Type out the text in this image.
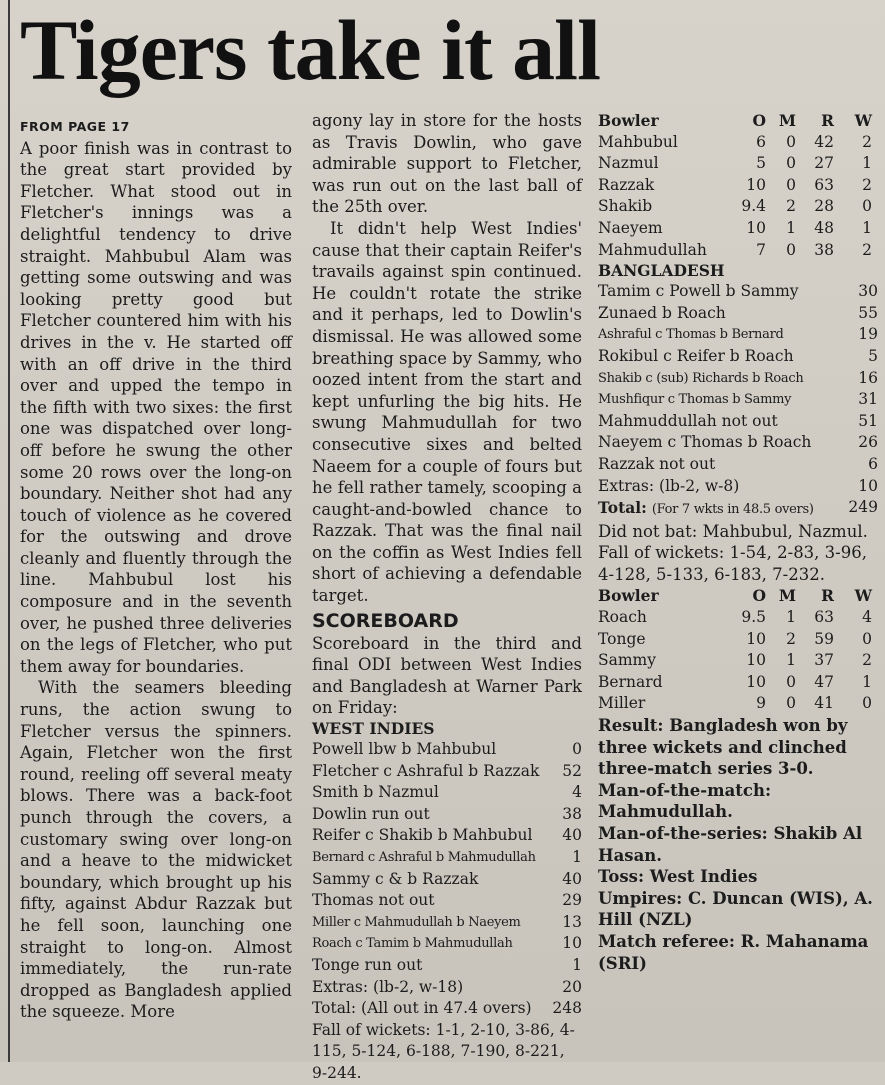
Tigers take it all
FROM PAGE 17

A poor finish was in contrast to the great start provided by Fletcher. What stood out in Fletcher's innings was a delightful tendency to drive straight. Mahbubul Alam was getting some outswing and was looking pretty good but Fletcher countered him with his drives in the v. He started off with an off drive in the third over and upped the tempo in the fifth with two sixes: the first one was dispatched over long-off before he swung the other some 20 rows over the long-on boundary. Neither shot had any touch of violence as he covered for the outswing and drove cleanly and fluently through the line. Mahbubul lost his composure and in the seventh over, he pushed three deliveries on the legs of Fletcher, who put them away for boundaries.

With the seamers bleeding runs, the action swung to Fletcher versus the spinners. Again, Fletcher won the first round, reeling off several meaty blows. There was a back-foot punch through the covers, a customary swing over long-on and a heave to the midwicket boundary, which brought up his fifty, against Abdur Razzak but he fell soon, launching one straight to long-on. Almost immediately, the run-rate dropped as Bangladesh applied the squeeze. More

agony lay in store for the hosts as Travis Dowlin, who gave admirable support to Fletcher, was run out on the last ball of the 25th over.

It didn't help West Indies' cause that their captain Reifer's travails against spin continued. He couldn't rotate the strike and it perhaps, led to Dowlin's dismissal. He was allowed some breathing space by Sammy, who oozed intent from the start and kept unfurling the big hits. He swung Mahmudullah for two consecutive sixes and belted Naeem for a couple of fours but he fell rather tamely, scooping a caught-and-bowled chance to Razzak. That was the final nail on the coffin as West Indies fell short of achieving a defendable target.

SCOREBOARD

Scoreboard in the third and final ODI between West Indies and Bangladesh at Warner Park on Friday:

WEST INDIES
Powell lbw b Mahbubul	0
Fletcher c Ashraful b Razzak 52
Smith b Nazmul	4
Dowlin run out	38
Reifer c Shakib b Mahbubul 40
Bernard c Ashraful b Mahmudullah 1
Sammy c & b Razzak	40
Thomas not out	29
Miller c Mahmudullah b Naeyem	13
Roach c Tamim b Mahmudullah	10
Tonge run out	1
Extras: (lb-2, w-18)	20
Total: (All out in 47.4 overs) 248
Fall of wickets: 1-1, 2-10, 3-86, 4-115, 5-124, 6-188, 7-190, 8-221, 9-244.
Bowler	O M	R	W
Mahbubul	6	0	42	2
Nazmul	5	0	27	1
Razzak	10	0	63	2
Shakib	9.4	2	28	0
Naeyem	10	1	48	1
Mahmudullah	7	0	38	2
BANGLADESH
Tamim c Powell b Sammy	30
Zunaed b Roach	55
Ashraful c Thomas b Bernard	19
Rokibul c Reifer b Roach	5
Shakib c (sub) Richards b Roach	16
Mushfiqur c Thomas b Sammy	31
Mahmuddullah not out	51
Naeyem c Thomas b Roach	26
Razzak not out	6
Extras: (lb-2, w-8)	10
Total: (For 7 wkts in 48.5 overs) 249
Did not bat: Mahbubul, Nazmul.
Fall of wickets: 1-54, 2-83, 3-96, 4-128, 5-133, 6-183, 7-232.
Bowler	O M	R	W
Roach	9.5	1	63	4
Tonge	10	2	59	0
Sammy	10	1	37	2
Bernard	10	0	47	1
Miller	9	0	41	0
Result: Bangladesh won by three wickets and clinched three-match series 3-0.
Man-of-the-match: Mahmudullah.
Man-of-the-series: Shakib Al Hasan.
Toss: West Indies
Umpires: C. Duncan (WIS), A. Hill (NZL)
Match referee: R. Mahanama (SRI)
